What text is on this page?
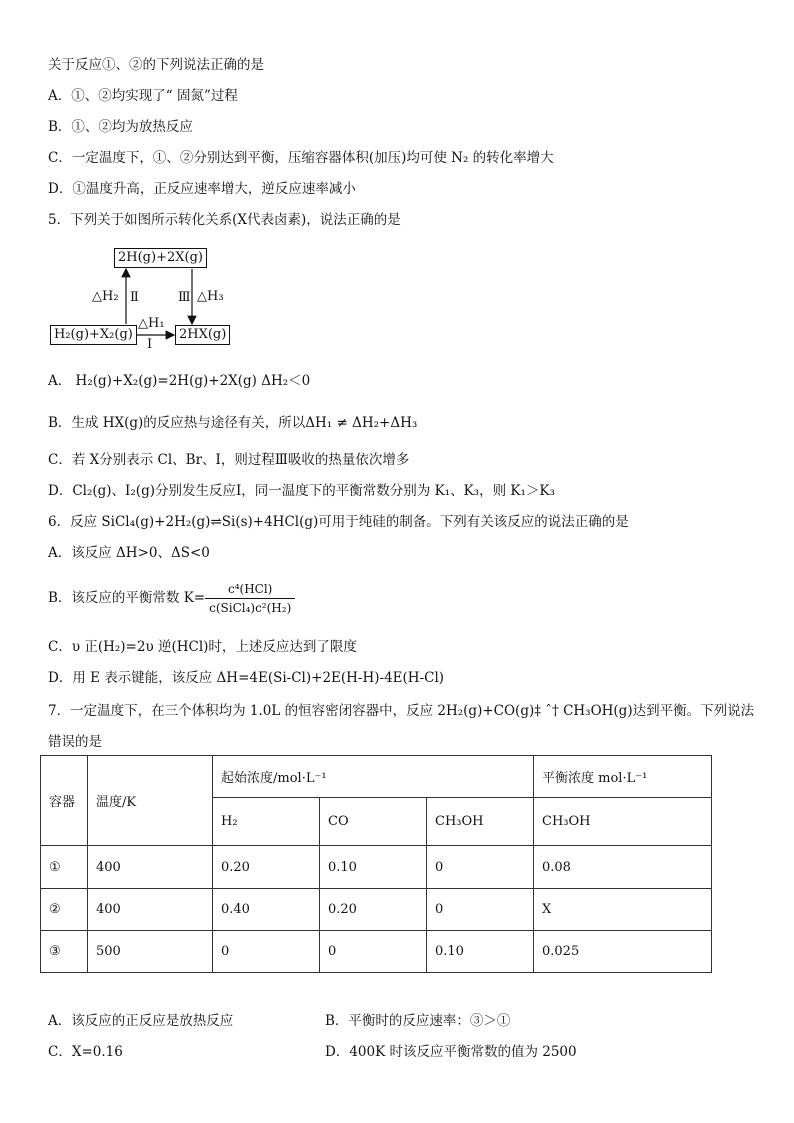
关于反应①、②的下列说法正确的是
A．①、②均实现了“ 固氮”过程
B．①、②均为放热反应
C．一定温度下，①、②分别达到平衡，压缩容器体积(加压)均可使 N₂ 的转化率增大
D．①温度升高，正反应速率增大，逆反应速率减小
5．下列关于如图所示转化关系(X代表卤素)，说法正确的是
2H(g)+2X(g)
H₂(g)+X₂(g)	2HX(g)
△H₂ Ⅱ	Ⅲ △H₃
△H₁
Ⅰ
A． H₂(g)+X₂(g)=2H(g)+2X(g) ΔH₂＜0
B．生成 HX(g)的反应热与途径有关，所以ΔH₁ ≠ ΔH₂+ΔH₃
C．若 X分别表示 Cl、Br、I，则过程Ⅲ吸收的热量依次增多
D．Cl₂(g)、I₂(g)分别发生反应Ⅰ，同一温度下的平衡常数分别为 K₁、K₃，则 K₁＞K₃
6．反应 SiCl₄(g)+2H₂(g)⇌Si(s)+4HCl(g)可用于纯硅的制备。下列有关该反应的说法正确的是
A．该反应 ΔH>0、ΔS<0
B．该反应的平衡常数 $K= \frac{\text{c⁴(HCl)}}{\text{c(SiCl₄)c²(H₂)}}$
C．υ 正(H₂)=2υ 逆(HCl)时，上述反应达到了限度
D．用 E 表示键能，该反应 ΔH=4E(Si-Cl)+2E(H-H)-4E(H-Cl)
7．一定温度下，在三个体积均为 1.0L 的恒容密闭容器中，反应 2H₂(g)+CO(g)‡ ˆ† CH₃OH(g)达到平衡。下列说法
错误的是
容器	温度/K	起始浓度/mol·L⁻¹			平衡浓度 mol·L⁻¹
		H₂	CO	CH₃OH	CH₃OH
①	400	0.20	0.10	0	0.08
②	400	0.40	0.20	0	X
③	500	0	0	0.10	0.025
A．该反应的正反应是放热反应	B．平衡时的反应速率：③＞①
C．X=0.16	D．400K 时该反应平衡常数的值为 2500
